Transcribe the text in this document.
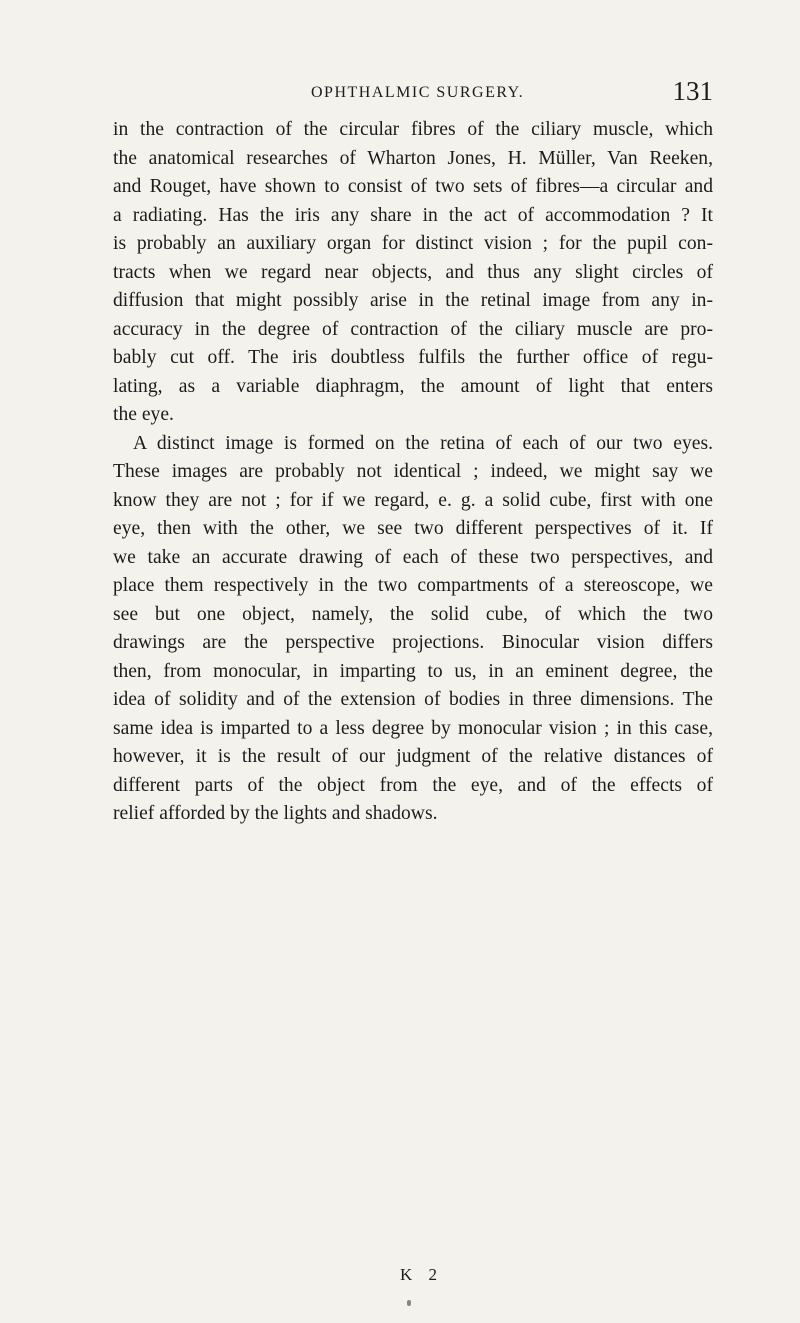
OPHTHALMIC SURGERY.	131
in the contraction of the circular fibres of the ciliary muscle, which
the anatomical researches of Wharton Jones, H. Müller, Van Reeken,
and Rouget, have shown to consist of two sets of fibres—a circular and
a radiating. Has the iris any share in the act of accommodation ? It
is probably an auxiliary organ for distinct vision ; for the pupil con-
tracts when we regard near objects, and thus any slight circles of
diffusion that might possibly arise in the retinal image from any in-
accuracy in the degree of contraction of the ciliary muscle are pro-
bably cut off. The iris doubtless fulfils the further office of regu-
lating, as a variable diaphragm, the amount of light that enters
the eye.
A distinct image is formed on the retina of each of our two eyes.
These images are probably not identical ; indeed, we might say we
know they are not ; for if we regard, e. g. a solid cube, first with one
eye, then with the other, we see two different perspectives of it. If
we take an accurate drawing of each of these two perspectives, and
place them respectively in the two compartments of a stereoscope, we
see but one object, namely, the solid cube, of which the two
drawings are the perspective projections. Binocular vision differs
then, from monocular, in imparting to us, in an eminent degree, the
idea of solidity and of the extension of bodies in three dimensions. The
same idea is imparted to a less degree by monocular vision ; in this case,
however, it is the result of our judgment of the relative distances of
different parts of the object from the eye, and of the effects of
relief afforded by the lights and shadows.
K 2
